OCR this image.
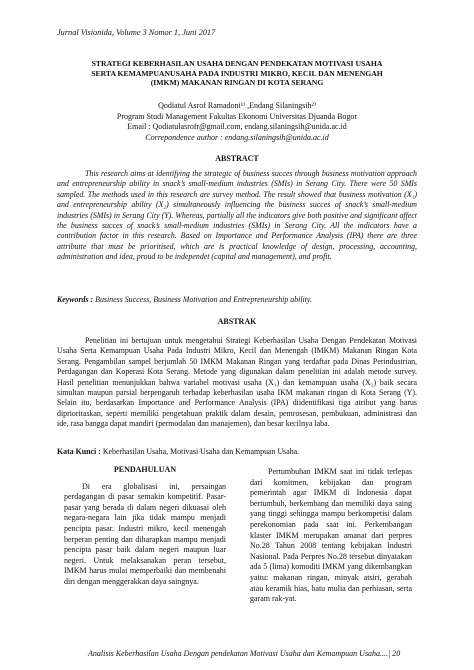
Jurnal Visionida, Volume 3 Nomor 1, Juni 2017
STRATEGI KEBERHASILAN USAHA DENGAN PENDEKATAN MOTIVASI USAHA
SERTA KEMAMPUANUSAHA PADA INDUSTRI MIKRO, KECIL DAN MENENGAH
(IMKM) MAKANAN RINGAN DI KOTA SERANG
Qodiatul Asrof Ramadoni¹⁾ ,Endang Silaningsih²⁾
Program Studi Management Fakultas Ekonomi Universitas Djuanda Bogor
Email : Qodiatulasrofr@gmail.com, endang.silaningsih@unida.ac.id
Correpondence author : endang.silaningsih@unida.ac.id
ABSTRACT
This research aims at identifying the strategic of business succes through business motivation approach and entrepreneurship ability in snack’s small-medium industries (SMIs) in Serang City. There were 50 SMIs sampled. The methods used in this research are survey method. The result showed that business motivation (X₁) and entrepreneurship ability (X₂) simultaneously influencing the business succes of snack’s small-medium industries (SMIs) in Serang City (Y). Whereas, partially all the indicators give both positive and significant affect the business succes of snack’s small-medium industries (SMIs) in Serang City. All the indicators have a contribution factor in this research. Based on Importance and Performance Analysis (IPA) there are three attributte that must be prioritised, which are is practical knowledge of design, processing, accounting, administration and idea, proud to be independet (capital and management), and profit.
Keywords : Business Success, Business Motivation and Entrepreneurship ability.
ABSTRAK
Penelitian ini bertujuan untuk mengetahui Strategi Keberhasilan Usaha Dengan Pendekatan Motivasi Usaha Serta Kemampuan Usaha Pada Industri Mikro, Kecil dan Menengah (IMKM) Makanan Ringan Kota Serang. Pengambilan sampel berjumlah 50 IMKM Makanan Ringan yang terdaftar pada Dinas Perindustrian, Perdagangan dan Koperasi Kota Serang. Metode yang digunakan dalam penelitian ini adalah metode survey. Hasil penelitian menunjukkan bahwa variabel motivasi usaha (X₁) dan kemampuan usaha (X₂) baik secara simultan maupun parsial berpengaruh terhadap keberhasilan usaha IKM makanan ringan di Kota Serang (Y). Selain itu, berdasarkan Importance and Performance Analysis (IPA) diidentifikasi tiga atribut yang harus diprioritaskan, seperti memiliki pengetahuan praktik dalam desain, pemrosesan, pembukuan, administrasi dan ide, rasa bangga dapat mandiri (permodalan dan manajemen), dan besar kecilnya laba.
Kata Kunci : Keberhasilan Usaha, Motivasi Usaha dan Kemampuan Usaha.
PENDAHULUAN
Di era globalisasi ini, persaingan perdagangan di pasar semakin kompetitif. Pasar-pasar yang berada di dalam negeri dikuasai oleh negara-negara lain jika tidak mampu menjadi pencipta pasar. Industri mikro, kecil menengah berperan penting dan diharapkan mampu menjadi pencipta pasar baik dalam negeri maupun luar negeri. Untuk melaksanakan peran tersebut, IMKM harus mulai memperbaiki dan membenahi diri dengan menggerakkan daya saingnya.
Pertumbuhan IMKM saat ini tidak terlepas dari komitmen, kebijakan dan program pemerintah agar IMKM di Indonesia dapat bertumbuh, berkembang dan memiliki daya saing yang tinggi sehingga mampu berkompetisi dalam perekonomian pada saat ini. Perkembangan klaster IMKM merupakan amanat dari perpres No.28 Tahun 2008 tentang kebijakan Industri Nasional. Pada Perpres No.28 tersebut dinyatakan ada 5 (lima) komoditi IMKM yang dikembangkan yaitu: makanan ringan, minyak atsiri, gerabah atau keramik hias, batu mulia dan perhiasan, serta garam rak-yat.
Analisis Keberhasilan Usaha Dengan pendekatan Motivasi Usaha dan Kemampuan Usaha....| 20
